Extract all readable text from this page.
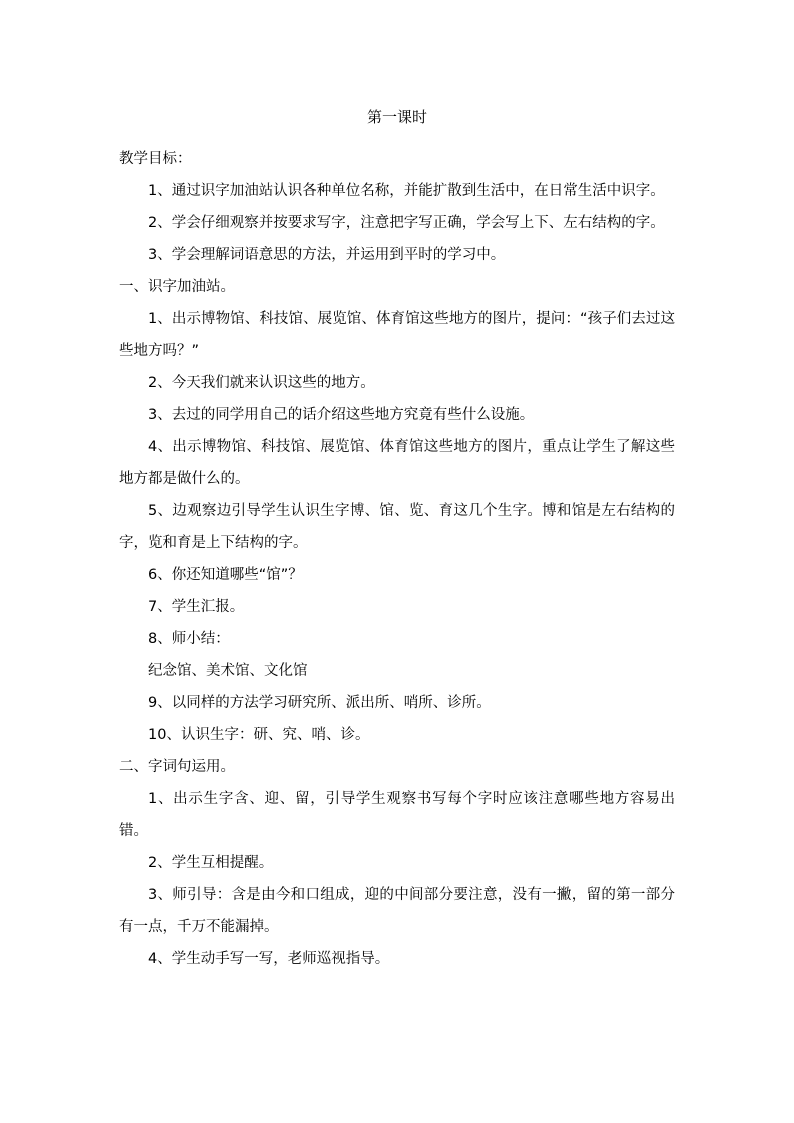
第一课时

教学目标：

1、通过识字加油站认识各种单位名称，并能扩散到生活中，在日常生活中识字。

2、学会仔细观察并按要求写字，注意把字写正确，学会写上下、左右结构的字。

3、学会理解词语意思的方法，并运用到平时的学习中。

一、识字加油站。

1、出示博物馆、科技馆、展览馆、体育馆这些地方的图片，提问：“孩子们去过这些地方吗？”

2、今天我们就来认识这些的地方。

3、去过的同学用自己的话介绍这些地方究竟有些什么设施。

4、出示博物馆、科技馆、展览馆、体育馆这些地方的图片，重点让学生了解这些地方都是做什么的。

5、边观察边引导学生认识生字博、馆、览、育这几个生字。博和馆是左右结构的字，览和育是上下结构的字。

6、你还知道哪些“馆”？

7、学生汇报。

8、师小结：

纪念馆、美术馆、文化馆

9、以同样的方法学习研究所、派出所、哨所、诊所。

10、认识生字：研、究、哨、诊。

二、字词句运用。

1、出示生字含、迎、留，引导学生观察书写每个字时应该注意哪些地方容易出错。

2、学生互相提醒。

3、师引导：含是由今和口组成，迎的中间部分要注意，没有一撇，留的第一部分有一点，千万不能漏掉。

4、学生动手写一写，老师巡视指导。
